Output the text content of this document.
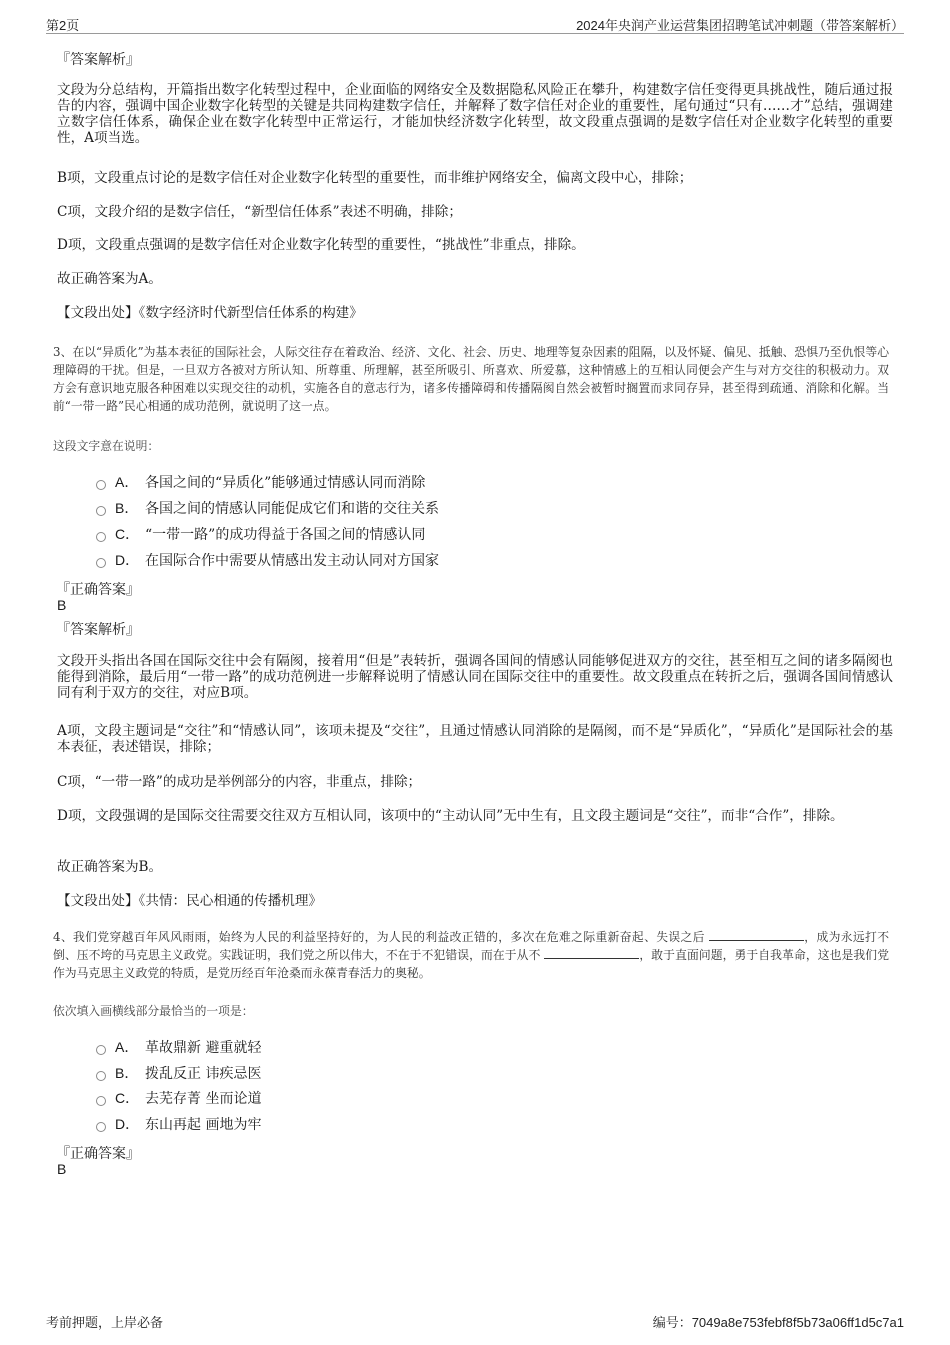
第2页	2024年央润产业运营集团招聘笔试冲刺题（带答案解析）
『答案解析』
文段为分总结构，开篇指出数字化转型过程中，企业面临的网络安全及数据隐私风险正在攀升，构建数字信任变得更具挑战性，随后通过报告的内容，强调中国企业数字化转型的关键是共同构建数字信任，并解释了数字信任对企业的重要性，尾句通过“只有……才”总结，强调建立数字信任体系，确保企业在数字化转型中正常运行，才能加快经济数字化转型，故文段重点强调的是数字信任对企业数字化转型的重要性，A项当选。
B项，文段重点讨论的是数字信任对企业数字化转型的重要性，而非维护网络安全，偏离文段中心，排除；
C项，文段介绍的是数字信任，“新型信任体系”表述不明确，排除；
D项，文段重点强调的是数字信任对企业数字化转型的重要性，“挑战性”非重点，排除。
故正确答案为A。
【文段出处】《数字经济时代新型信任体系的构建》
3、在以“异质化”为基本表征的国际社会，人际交往存在着政治、经济、文化、社会、历史、地理等复杂因素的阻隔，以及怀疑、偏见、抵触、恐惧乃至仇恨等心理障碍的干扰。但是，一旦双方各被对方所认知、所尊重、所理解，甚至所吸引、所喜欢、所爱慕，这种情感上的互相认同便会产生与对方交往的积极动力。双方会有意识地克服各种困难以实现交往的动机，实施各自的意志行为，诸多传播障碍和传播隔阂自然会被暂时搁置而求同存异，甚至得到疏通、消除和化解。当前“一带一路”民心相通的成功范例，就说明了这一点。
这段文字意在说明：
A． 各国之间的“异质化”能够通过情感认同而消除
B． 各国之间的情感认同能促成它们和谐的交往关系
C． “一带一路”的成功得益于各国之间的情感认同
D． 在国际合作中需要从情感出发主动认同对方国家
『正确答案』
B
『答案解析』
文段开头指出各国在国际交往中会有隔阂，接着用“但是”表转折，强调各国间的情感认同能够促进双方的交往，甚至相互之间的诸多隔阂也能得到消除，最后用“一带一路”的成功范例进一步解释说明了情感认同在国际交往中的重要性。故文段重点在转折之后，强调各国间情感认同有利于双方的交往，对应B项。
A项，文段主题词是“交往”和“情感认同”，该项未提及“交往”，且通过情感认同消除的是隔阂，而不是“异质化”，“异质化”是国际社会的基本表征，表述错误，排除；
C项，“一带一路”的成功是举例部分的内容，非重点，排除；
D项，文段强调的是国际交往需要交往双方互相认同，该项中的“主动认同”无中生有，且文段主题词是“交往”，而非“合作”，排除。
故正确答案为B。
【文段出处】《共情：民心相通的传播机理》
4、我们党穿越百年风风雨雨，始终为人民的利益坚持好的，为人民的利益改正错的，多次在危难之际重新奋起、失误之后	，成为永远打不倒、压不垮的马克思主义政党。实践证明，我们党之所以伟大，不在于不犯错误，而在于从不	，敢于直面问题，勇于自我革命，这也是我们党作为马克思主义政党的特质，是党历经百年沧桑而永葆青春活力的奥秘。
依次填入画横线部分最恰当的一项是：
A． 革故鼎新 避重就轻
B． 拨乱反正 讳疾忌医
C． 去芜存菁 坐而论道
D． 东山再起 画地为牢
『正确答案』
B
考前押题，上岸必备	编号：7049a8e753febf8f5b73a06ff1d5c7a1
